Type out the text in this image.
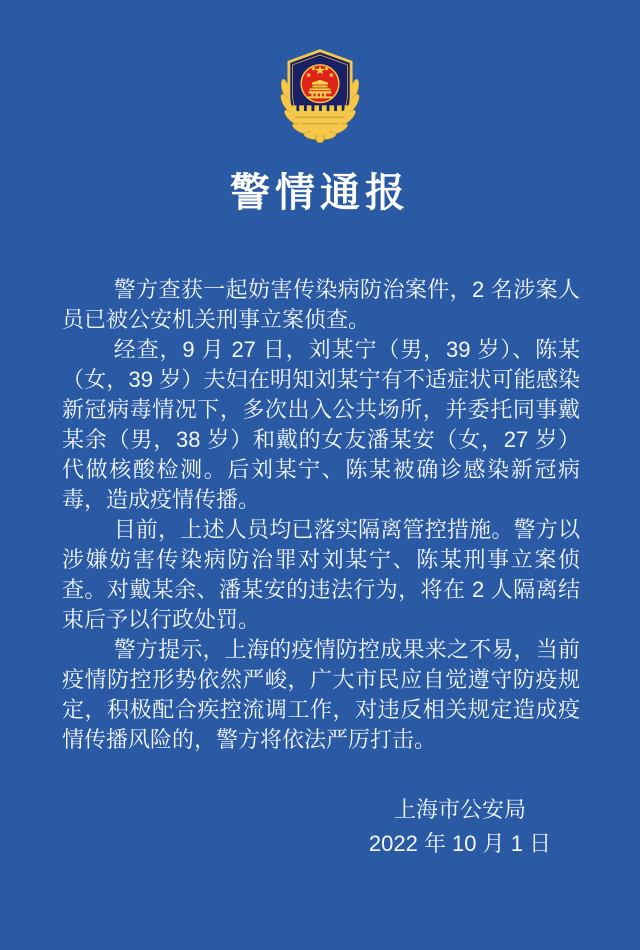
警情通报

警方查获一起妨害传染病防治案件，2 名涉案人员已被公安机关刑事立案侦查。

经查，9 月 27 日，刘某宁（男，39 岁）、陈某（女，39 岁）夫妇在明知刘某宁有不适症状可能感染新冠病毒情况下，多次出入公共场所，并委托同事戴某余（男，38 岁）和戴的女友潘某安（女，27 岁）代做核酸检测。后刘某宁、陈某被确诊感染新冠病毒，造成疫情传播。

目前，上述人员均已落实隔离管控措施。警方以涉嫌妨害传染病防治罪对刘某宁、陈某刑事立案侦查。对戴某余、潘某安的违法行为，将在 2 人隔离结束后予以行政处罚。

警方提示，上海的疫情防控成果来之不易，当前疫情防控形势依然严峻，广大市民应自觉遵守防疫规定，积极配合疾控流调工作，对违反相关规定造成疫情传播风险的，警方将依法严厉打击。

上海市公安局
2022 年 10 月 1 日
